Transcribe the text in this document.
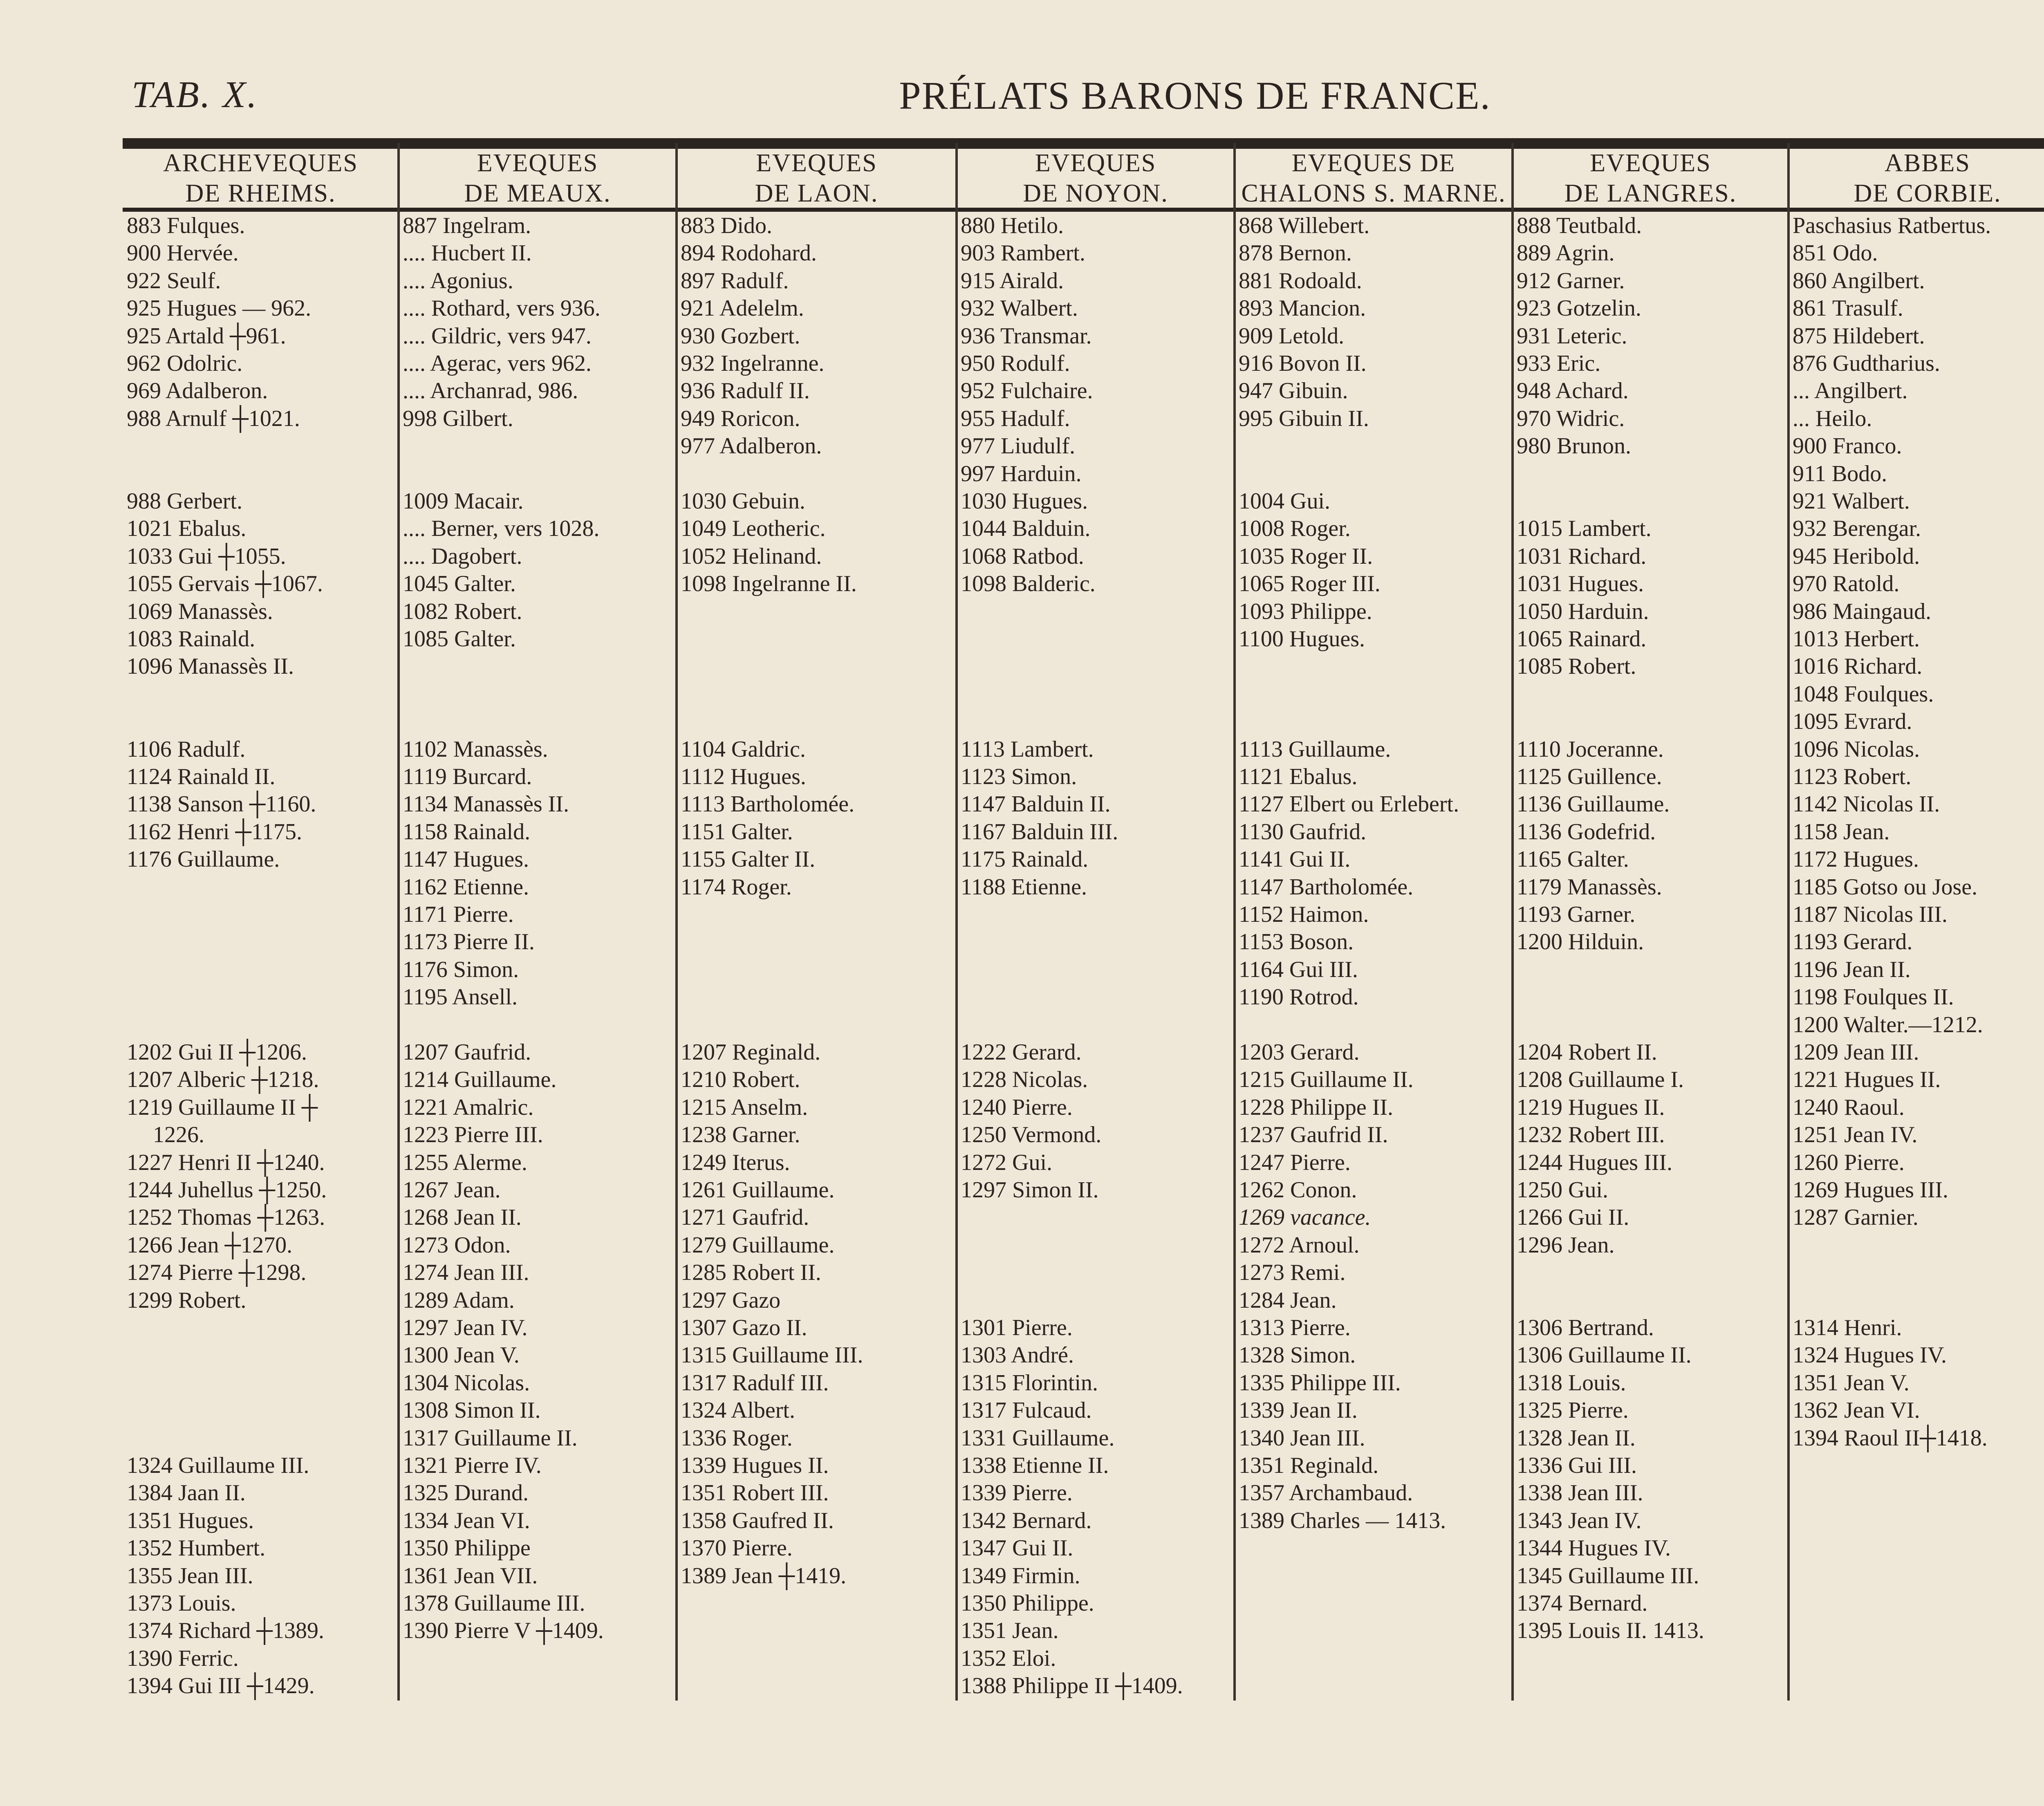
TAB. X.	PRÉLATS BARONS DE FRANCE.
ARCHEVEQUES
DE RHEIMS.
883 Fulques.
900 Hervée.
922 Seulf.
925 Hugues — 962.
925 Artald ┼961.
962 Odolric.
969 Adalberon.
988 Arnulf ┼1021.
988 Gerbert.
1021 Ebalus.
1033 Gui ┼1055.
1055 Gervais ┼1067.
1069 Manassès.
1083 Rainald.
1096 Manassès II.
1106 Radulf.
1124 Rainald II.
1138 Sanson ┼1160.
1162 Henri ┼1175.
1176 Guillaume.
1202 Gui II ┼1206.
1207 Alberic ┼1218.
1219 Guillaume II ┼
1226.
1227 Henri II ┼1240.
1244 Juhellus ┼1250.
1252 Thomas ┼1263.
1266 Jean ┼1270.
1274 Pierre ┼1298.
1299 Robert.
1324 Guillaume III.
1384 Jaan II.
1351 Hugues.
1352 Humbert.
1355 Jean III.
1373 Louis.
1374 Richard ┼1389.
1390 Ferric.
1394 Gui III ┼1429.
EVEQUES
DE MEAUX.
887 Ingelram.
.... Hucbert II.
.... Agonius.
.... Rothard, vers 936.
.... Gildric, vers 947.
.... Agerac, vers 962.
.... Archanrad, 986.
998 Gilbert.
1009 Macair.
.... Berner, vers 1028.
.... Dagobert.
1045 Galter.
1082 Robert.
1085 Galter.
1102 Manassès.
1119 Burcard.
1134 Manassès II.
1158 Rainald.
1147 Hugues.
1162 Etienne.
1171 Pierre.
1173 Pierre II.
1176 Simon.
1195 Ansell.
1207 Gaufrid.
1214 Guillaume.
1221 Amalric.
1223 Pierre III.
1255 Alerme.
1267 Jean.
1268 Jean II.
1273 Odon.
1274 Jean III.
1289 Adam.
1297 Jean IV.
1300 Jean V.
1304 Nicolas.
1308 Simon II.
1317 Guillaume II.
1321 Pierre IV.
1325 Durand.
1334 Jean VI.
1350 Philippe
1361 Jean VII.
1378 Guillaume III.
1390 Pierre V ┼1409.
EVEQUES
DE LAON.
883 Dido.
894 Rodohard.
897 Radulf.
921 Adelelm.
930 Gozbert.
932 Ingelranne.
936 Radulf II.
949 Roricon.
977 Adalberon.
1030 Gebuin.
1049 Leotheric.
1052 Helinand.
1098 Ingelranne II.
1104 Galdric.
1112 Hugues.
1113 Bartholomée.
1151 Galter.
1155 Galter II.
1174 Roger.
1207 Reginald.
1210 Robert.
1215 Anselm.
1238 Garner.
1249 Iterus.
1261 Guillaume.
1271 Gaufrid.
1279 Guillaume.
1285 Robert II.
1297 Gazo
1307 Gazo II.
1315 Guillaume III.
1317 Radulf III.
1324 Albert.
1336 Roger.
1339 Hugues II.
1351 Robert III.
1358 Gaufred II.
1370 Pierre.
1389 Jean ┼1419.
EVEQUES
DE NOYON.
880 Hetilo.
903 Rambert.
915 Airald.
932 Walbert.
936 Transmar.
950 Rodulf.
952 Fulchaire.
955 Hadulf.
977 Liudulf.
997 Harduin.
1030 Hugues.
1044 Balduin.
1068 Ratbod.
1098 Balderic.
1113 Lambert.
1123 Simon.
1147 Balduin II.
1167 Balduin III.
1175 Rainald.
1188 Etienne.
1222 Gerard.
1228 Nicolas.
1240 Pierre.
1250 Vermond.
1272 Gui.
1297 Simon II.
1301 Pierre.
1303 André.
1315 Florintin.
1317 Fulcaud.
1331 Guillaume.
1338 Etienne II.
1339 Pierre.
1342 Bernard.
1347 Gui II.
1349 Firmin.
1350 Philippe.
1351 Jean.
1352 Eloi.
1388 Philippe II ┼1409.
EVEQUES DE
CHALONS S. MARNE.
868 Willebert.
878 Bernon.
881 Rodoald.
893 Mancion.
909 Letold.
916 Bovon II.
947 Gibuin.
995 Gibuin II.
1004 Gui.
1008 Roger.
1035 Roger II.
1065 Roger III.
1093 Philippe.
1100 Hugues.
1113 Guillaume.
1121 Ebalus.
1127 Elbert ou Erlebert.
1130 Gaufrid.
1141 Gui II.
1147 Bartholomée.
1152 Haimon.
1153 Boson.
1164 Gui III.
1190 Rotrod.
1203 Gerard.
1215 Guillaume II.
1228 Philippe II.
1237 Gaufrid II.
1247 Pierre.
1262 Conon.
1269 vacance.
1272 Arnoul.
1273 Remi.
1284 Jean.
1313 Pierre.
1328 Simon.
1335 Philippe III.
1339 Jean II.
1340 Jean III.
1351 Reginald.
1357 Archambaud.
1389 Charles — 1413.
EVEQUES
DE LANGRES.
888 Teutbald.
889 Agrin.
912 Garner.
923 Gotzelin.
931 Leteric.
933 Eric.
948 Achard.
970 Widric.
980 Brunon.
1015 Lambert.
1031 Richard.
1031 Hugues.
1050 Harduin.
1065 Rainard.
1085 Robert.
1110 Joceranne.
1125 Guillence.
1136 Guillaume.
1136 Godefrid.
1165 Galter.
1179 Manassès.
1193 Garner.
1200 Hilduin.
1204 Robert II.
1208 Guillaume I.
1219 Hugues II.
1232 Robert III.
1244 Hugues III.
1250 Gui.
1266 Gui II.
1296 Jean.
1306 Bertrand.
1306 Guillaume II.
1318 Louis.
1325 Pierre.
1328 Jean II.
1336 Gui III.
1338 Jean III.
1343 Jean IV.
1344 Hugues IV.
1345 Guillaume III.
1374 Bernard.
1395 Louis II. 1413.
ABBES
DE CORBIE.
Paschasius Ratbertus.
851 Odo.
860 Angilbert.
861 Trasulf.
875 Hildebert.
876 Gudtharius.
... Angilbert.
... Heilo.
900 Franco.
911 Bodo.
921 Walbert.
932 Berengar.
945 Heribold.
970 Ratold.
986 Maingaud.
1013 Herbert.
1016 Richard.
1048 Foulques.
1095 Evrard.
1096 Nicolas.
1123 Robert.
1142 Nicolas II.
1158 Jean.
1172 Hugues.
1185 Gotso ou Jose.
1187 Nicolas III.
1193 Gerard.
1196 Jean II.
1198 Foulques II.
1200 Walter.—1212.
1209 Jean III.
1221 Hugues II.
1240 Raoul.
1251 Jean IV.
1260 Pierre.
1269 Hugues III.
1287 Garnier.
1314 Henri.
1324 Hugues IV.
1351 Jean V.
1362 Jean VI.
1394 Raoul II┼1418.
